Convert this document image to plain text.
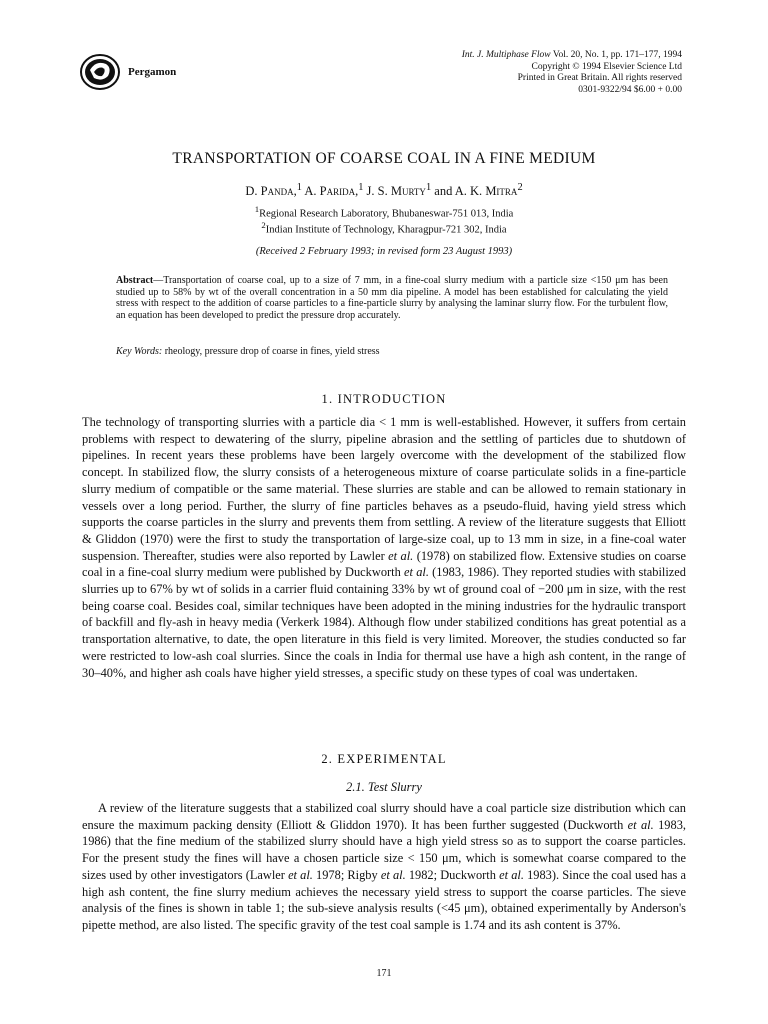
Pergamon
Int. J. Multiphase Flow Vol. 20, No. 1, pp. 171–177, 1994
Copyright © 1994 Elsevier Science Ltd
Printed in Great Britain. All rights reserved
0301-9322/94 $6.00 + 0.00
TRANSPORTATION OF COARSE COAL IN A FINE MEDIUM
D. Panda,$^1$ A. Parida,$^1$ J. S. Murty$^1$ and A. K. Mitra$^2$
$^1$Regional Research Laboratory, Bhubaneswar-751 013, India
$^2$Indian Institute of Technology, Kharagpur-721 302, India
(Received 2 February 1993; in revised form 23 August 1993)
Abstract—Transportation of coarse coal, up to a size of 7 mm, in a fine-coal slurry medium with a particle size <150 μm has been studied up to 58% by wt of the overall concentration in a 50 mm dia pipeline. A model has been established for calculating the yield stress with respect to the addition of coarse particles to a fine-particle slurry by analysing the laminar slurry flow. For the turbulent flow, an equation has been developed to predict the pressure drop accurately.
Key Words: rheology, pressure drop of coarse in fines, yield stress
1. INTRODUCTION

The technology of transporting slurries with a particle dia < 1 mm is well-established. However, it suffers from certain problems with respect to dewatering of the slurry, pipeline abrasion and the settling of particles due to shutdown of pipelines. In recent years these problems have been largely overcome with the development of the stabilized flow concept. In stabilized flow, the slurry consists of a heterogeneous mixture of coarse particulate solids in a fine-particle slurry medium of compatible or the same material. These slurries are stable and can be allowed to remain stationary in vessels over a long period. Further, the slurry of fine particles behaves as a pseudo-fluid, having yield stress which supports the coarse particles in the slurry and prevents them from settling. A review of the literature suggests that Elliott & Gliddon (1970) were the first to study the transportation of large-size coal, up to 13 mm in size, in a fine-coal water suspension. Thereafter, studies were also reported by Lawler et al. (1978) on stabilized flow. Extensive studies on coarse coal in a fine-coal slurry medium were published by Duckworth et al. (1983, 1986). They reported studies with stabilized slurries up to 67% by wt of solids in a carrier fluid containing 33% by wt of ground coal of −200 μm in size, with the rest being coarse coal. Besides coal, similar techniques have been adopted in the mining industries for the hydraulic transport of backfill and fly-ash in heavy media (Verkerk 1984). Although flow under stabilized conditions has great potential as a transportation alternative, to date, the open literature in this field is very limited. Moreover, the studies conducted so far were restricted to low-ash coal slurries. Since the coals in India for thermal use have a high ash content, in the range of 30–40%, and higher ash coals have higher yield stresses, a specific study on these types of coal was undertaken.

2. EXPERIMENTAL
2.1. Test Slurry

A review of the literature suggests that a stabilized coal slurry should have a coal particle size distribution which can ensure the maximum packing density (Elliott & Gliddon 1970). It has been further suggested (Duckworth et al. 1983, 1986) that the fine medium of the stabilized slurry should have a high yield stress so as to support the coarse particles. For the present study the fines will have a chosen particle size < 150 μm, which is somewhat coarse compared to the sizes used by other investigators (Lawler et al. 1978; Rigby et al. 1982; Duckworth et al. 1983). Since the coal used has a high ash content, the fine slurry medium achieves the necessary yield stress to support the coarse particles. The sieve analysis of the fines is shown in table 1; the sub-sieve analysis results (<45 μm), obtained experimentally by Anderson's pipette method, are also listed. The specific gravity of the test coal sample is 1.74 and its ash content is 37%.

171
